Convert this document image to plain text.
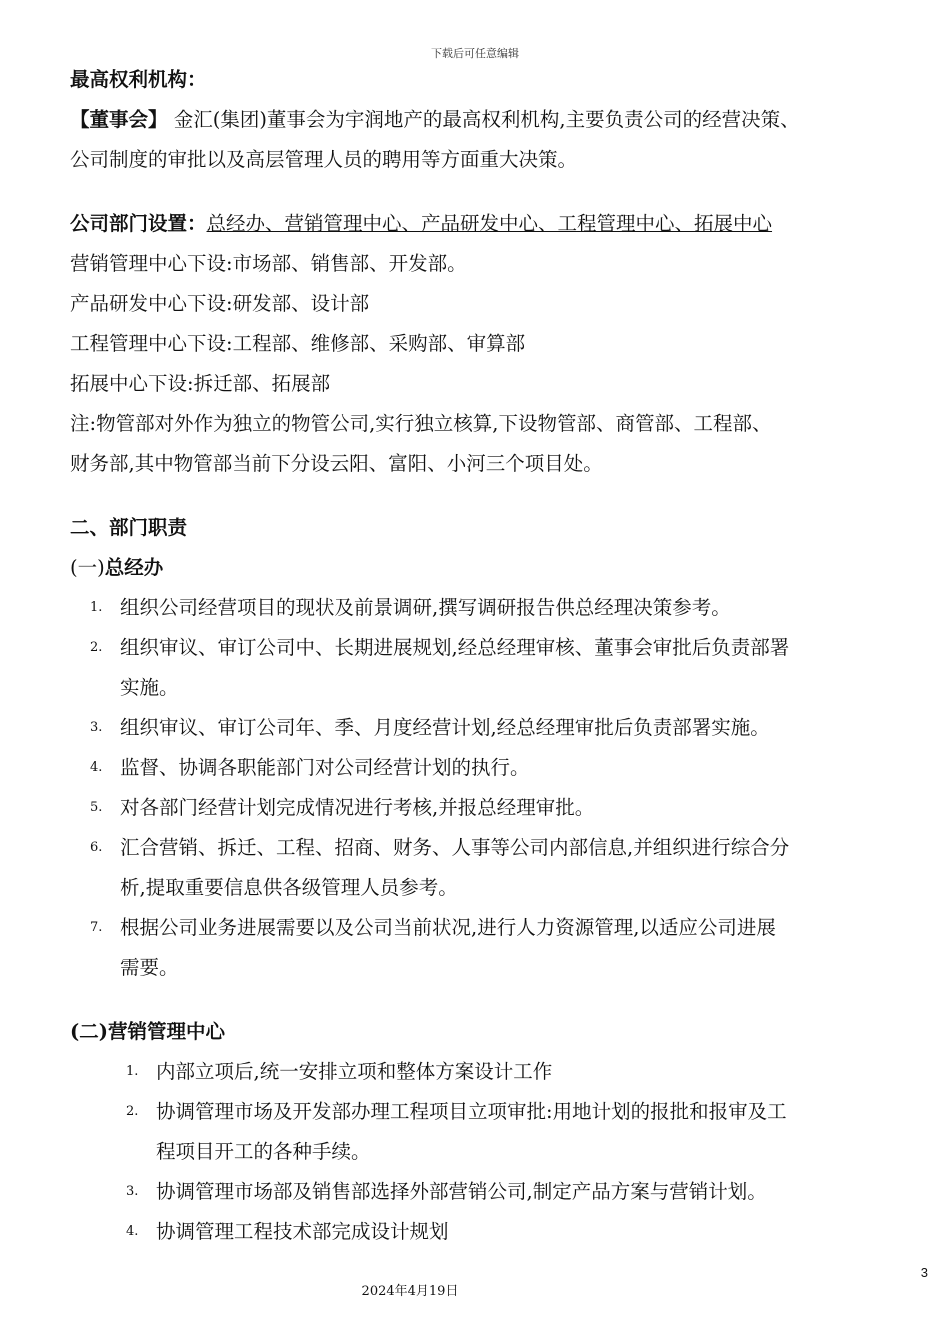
下载后可任意编辑
最高权利机构：
【董事会】 金汇(集团)董事会为宇润地产的最高权利机构,主要负责公司的经营决策、
公司制度的审批以及高层管理人员的聘用等方面重大决策。
公司部门设置：总经办、营销管理中心、产品研发中心、工程管理中心、拓展中心
营销管理中心下设:市场部、销售部、开发部。
产品研发中心下设:研发部、设计部
工程管理中心下设:工程部、维修部、采购部、审算部
拓展中心下设:拆迁部、拓展部
注:物管部对外作为独立的物管公司,实行独立核算,下设物管部、商管部、工程部、
财务部,其中物管部当前下分设云阳、富阳、小河三个项目处。
二、部门职责
(一)总经办
1. 组织公司经营项目的现状及前景调研,撰写调研报告供总经理决策参考。
2. 组织审议、审订公司中、长期进展规划,经总经理审核、董事会审批后负责部署
实施。
3. 组织审议、审订公司年、季、月度经营计划,经总经理审批后负责部署实施。
4. 监督、协调各职能部门对公司经营计划的执行。
5. 对各部门经营计划完成情况进行考核,并报总经理审批。
6. 汇合营销、拆迁、工程、招商、财务、人事等公司内部信息,并组织进行综合分
析,提取重要信息供各级管理人员参考。
7. 根据公司业务进展需要以及公司当前状况,进行人力资源管理,以适应公司进展
需要。
(二)营销管理中心
1. 内部立项后,统一安排立项和整体方案设计工作
2. 协调管理市场及开发部办理工程项目立项审批:用地计划的报批和报审及工
程项目开工的各种手续。
3. 协调管理市场部及销售部选择外部营销公司,制定产品方案与营销计划。
4. 协调管理工程技术部完成设计规划
3
2024年4月19日
